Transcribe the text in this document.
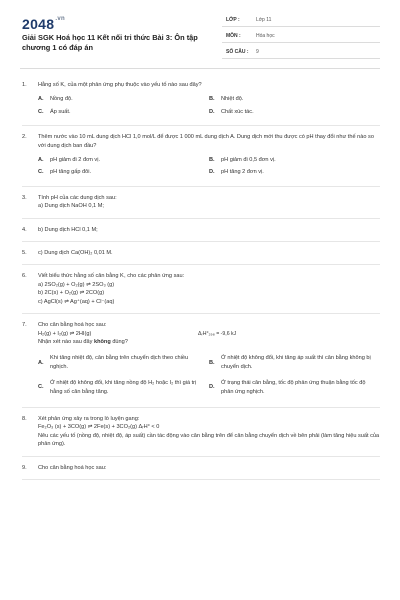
$2048^{.vn}$
Giải SGK Hoá học 11 Kết nối tri thức Bài 3: Ôn tập chương 1 có đáp án
LỚP :	Lớp 11
MÔN :	Hóa học
SỐ CÂU : 9
1.	Hằng số K꜀ của một phản ứng phụ thuộc vào yếu tố nào sau đây?
A.	Nồng độ.	B.	Nhiệt độ.
C.	Áp suất.	D.	Chất xúc tác.
2.	Thêm nước vào 10 mL dung dịch HCl 1,0 mol/L để được 1 000 mL dung dịch A. Dung dịch mới thu được có pH thay đổi như thế nào so với dung dịch ban đầu?
A.	pH giảm đi 2 đơn vị.	B.	pH giảm đi 0,5 đơn vị.
C.	pH tăng gấp đôi.	D.	pH tăng 2 đơn vị.
3.	Tính pH của các dung dịch sau:
a) Dung dịch NaOH 0,1 M;
4.	b) Dung dịch HCl 0,1 M;
5.	c) Dung dịch Ca(OH)₂ 0,01 M.
6.	Viết biểu thức hằng số cân bằng K꜀ cho các phản ứng sau:
a) 2SO₂(g) + O₂(g) ⇌ 2SO₃ (g)
b) 2C(s) + O₂(g) ⇌ 2CO(g)
c) AgCl(s) ⇌ Ag⁺(aq) + Cl⁻(aq)
7.	Cho cân bằng hoá học sau:
H₂(g) + I₂(g) ⇌ 2HI(g)	ΔᵣH°₂₉₈ = -9,6 kJ
Nhận xét nào sau đây không đúng?
A.
Khi tăng nhiệt độ, cân bằng trên chuyển dịch theo chiều nghịch.
B.
Ở nhiệt độ không đổi, khi tăng áp suất thì cân bằng không bị chuyển dịch.
C.
Ở nhiệt độ không đổi, khi tăng nồng độ H₂ hoặc I₂ thì giá trị hằng số cân bằng tăng.
D.
Ở trạng thái cân bằng, tốc độ phản ứng thuận bằng tốc độ phản ứng nghịch.
8.	Xét phản ứng xảy ra trong lò luyện gang:
Fe₂O₃ (s) + 3CO(g) ⇌ 2Fe(s) + 3CO₂(g) ΔᵣH° < 0
Nêu các yếu tố (nồng độ, nhiệt độ, áp suất) cần tác động vào cân bằng trên để cân bằng chuyển dịch về bên phải (làm tăng hiệu suất của phản ứng).
9.	Cho cân bằng hoá học sau:
